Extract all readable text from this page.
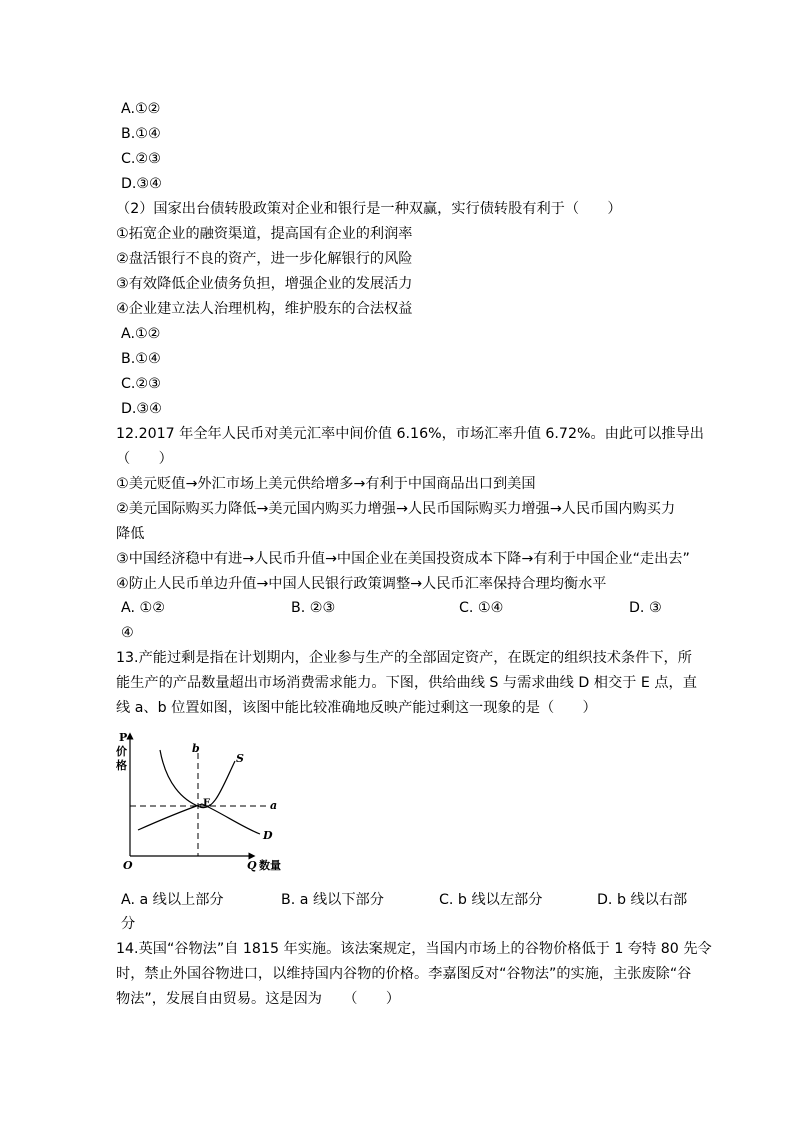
A.①②
B.①④
C.②③
D.③④
（2）国家出台债转股政策对企业和银行是一种双赢，实行债转股有利于（　　）
①拓宽企业的融资渠道，提高国有企业的利润率
②盘活银行不良的资产，进一步化解银行的风险
③有效降低企业债务负担，增强企业的发展活力
④企业建立法人治理机构，维护股东的合法权益
A.①②
B.①④
C.②③
D.③④
12.2017 年全年人民币对美元汇率中间价值 6.16%，市场汇率升值 6.72%。由此可以推导出
（　　）
①美元贬值→外汇市场上美元供给增多→有利于中国商品出口到美国
②美元国际购买力降低→美元国内购买力增强→人民币国际购买力增强→人民币国内购买力
降低
③中国经济稳中有进→人民币升值→中国企业在美国投资成本下降→有利于中国企业“走出去”
④防止人民币单边升值→中国人民银行政策调整→人民币汇率保持合理均衡水平
A. ①②	B. ②③	C. ①④	D. ③
④
13.产能过剩是指在计划期内，企业参与生产的全部固定资产，在既定的组织技术条件下，所
能生产的产品数量超出市场消费需求能力。下图，供给曲线 S 与需求曲线 D 相交于 E 点，直
线 a、b 位置如图，该图中能比较准确地反映产能过剩这一现象的是（　　）
P
价
格
O	Q 数量
b
S
E	a
D
A. a 线以上部分	B. a 线以下部分	C. b 线以左部分	D. b 线以右部
分
14.英国“谷物法”自 1815 年实施。该法案规定，当国内市场上的谷物价格低于 1 夸特 80 先令
时，禁止外国谷物进口，以维持国内谷物的价格。李嘉图反对“谷物法”的实施，主张废除“谷
物法”，发展自由贸易。这是因为　　（　　）
